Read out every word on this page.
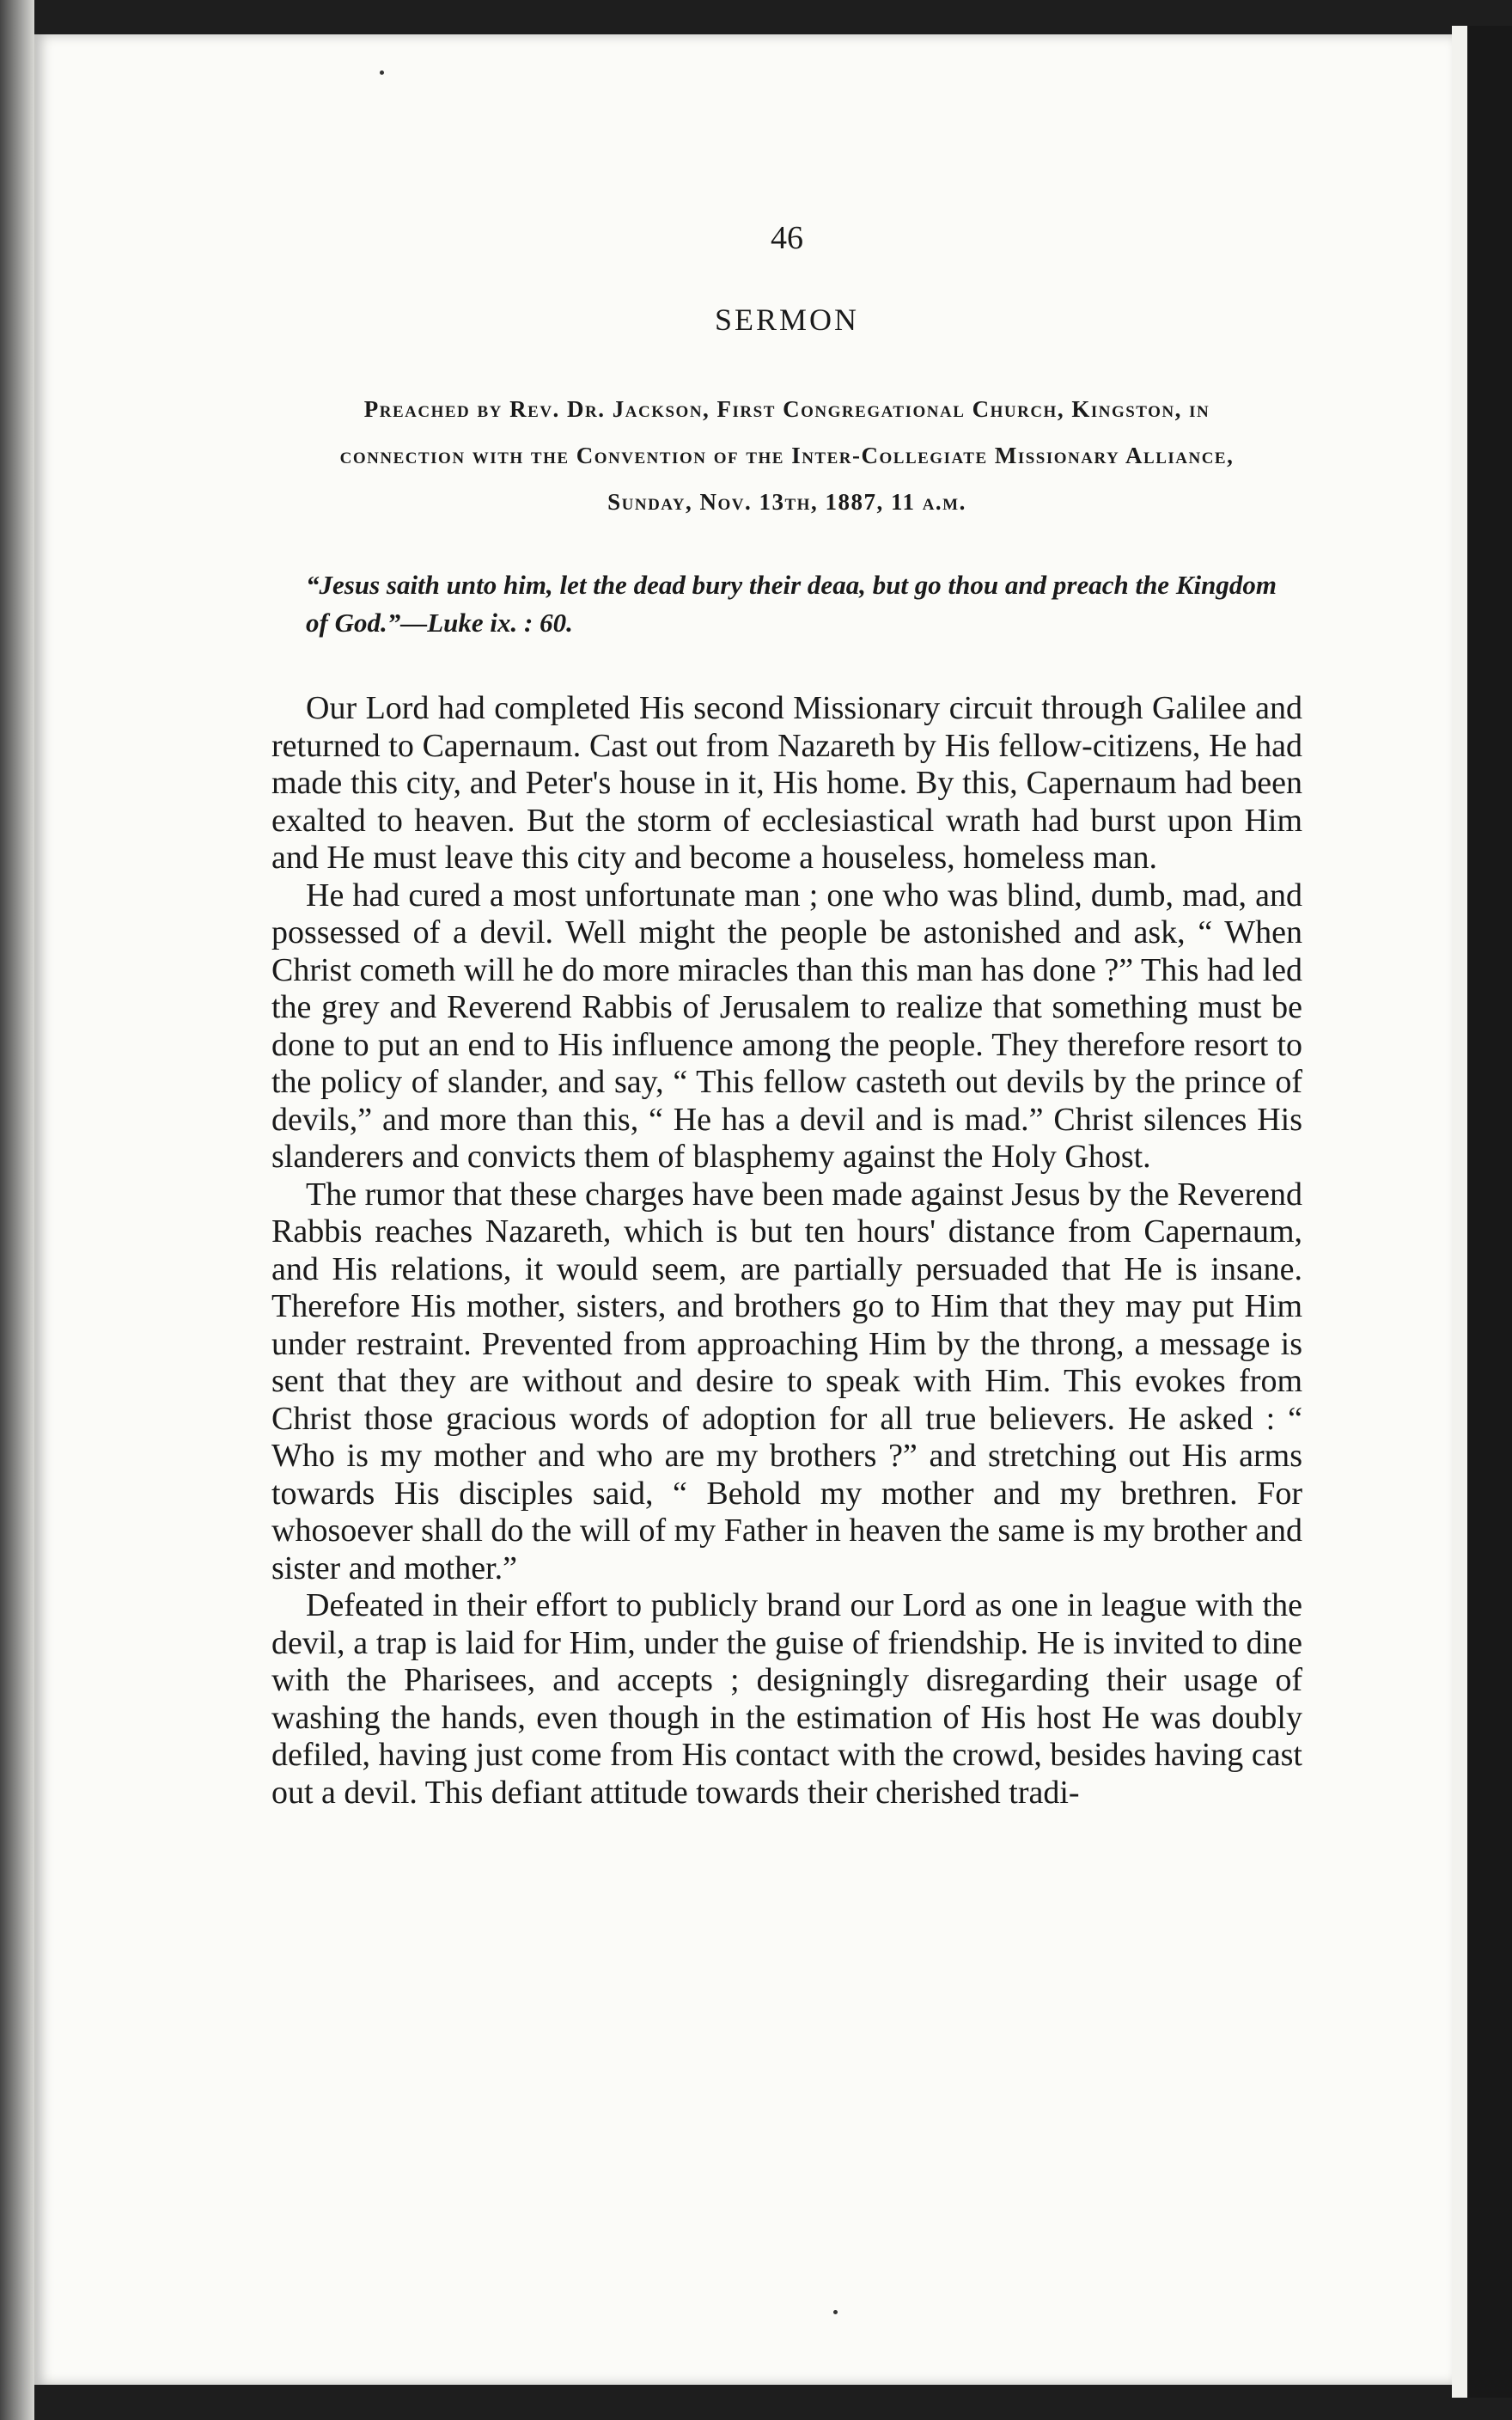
46
SERMON
Preached by Rev. Dr. Jackson, First Congregational Church, Kingston, in connection with the Convention of the Inter-Collegiate Missionary Alliance, Sunday, Nov. 13th, 1887, 11 a.m.
“Jesus saith unto him, let the dead bury their deaa, but go thou and preach the Kingdom of God.”—Luke ix. : 60.

Our Lord had completed His second Missionary circuit through Galilee and returned to Capernaum. Cast out from Nazareth by His fellow-citizens, He had made this city, and Peter's house in it, His home. By this, Capernaum had been exalted to heaven. But the storm of ecclesiastical wrath had burst upon Him and He must leave this city and become a houseless, homeless man.

He had cured a most unfortunate man ; one who was blind, dumb, mad, and possessed of a devil. Well might the people be astonished and ask, “ When Christ cometh will he do more miracles than this man has done ?” This had led the grey and Reverend Rabbis of Jerusalem to realize that something must be done to put an end to His influence among the people. They therefore resort to the policy of slander, and say, “ This fellow casteth out devils by the prince of devils,” and more than this, “ He has a devil and is mad.” Christ silences His slanderers and convicts them of blasphemy against the Holy Ghost.

The rumor that these charges have been made against Jesus by the Reverend Rabbis reaches Nazareth, which is but ten hours' distance from Capernaum, and His relations, it would seem, are partially persuaded that He is insane. Therefore His mother, sisters, and brothers go to Him that they may put Him under restraint. Prevented from approaching Him by the throng, a message is sent that they are without and desire to speak with Him. This evokes from Christ those gracious words of adoption for all true believers. He asked : “ Who is my mother and who are my brothers ?” and stretching out His arms towards His disciples said, “ Behold my mother and my brethren. For whosoever shall do the will of my Father in heaven the same is my brother and sister and mother.”

Defeated in their effort to publicly brand our Lord as one in league with the devil, a trap is laid for Him, under the guise of friendship. He is invited to dine with the Pharisees, and accepts ; designingly disregarding their usage of washing the hands, even though in the estimation of His host He was doubly defiled, having just come from His contact with the crowd, besides having cast out a devil. This defiant attitude towards their cherished tradi-
